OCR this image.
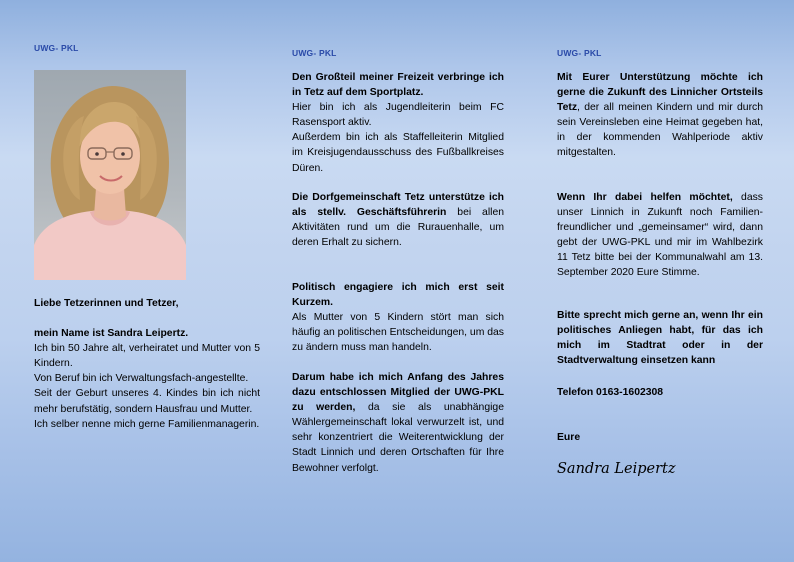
UWG- PKL

Liebe Tetzerinnen und Tetzer,

mein Name ist Sandra Leipertz.

Ich bin 50 Jahre alt, verheiratet und Mutter von 5 Kindern.

Von Beruf bin ich Verwaltungsfach-angestellte.

Seit der Geburt unseres 4. Kindes bin ich nicht mehr berufstätig, sondern Hausfrau und Mutter.

Ich selber nenne mich gerne Familienmanagerin.

UWG- PKL

Den Großteil meiner Freizeit verbringe ich in Tetz auf dem Sportplatz.

Hier bin ich als Jugendleiterin beim FC Rasensport aktiv.

Außerdem bin ich als Staffelleiterin Mitglied im Kreisjugendausschuss des Fußballkreises Düren.

Die Dorfgemeinschaft Tetz unterstütze ich als stellv. Geschäftsführerin bei allen Aktivitäten rund um die Rurauenhalle, um deren Erhalt zu sichern.

Politisch engagiere ich mich erst seit Kurzem.

Als Mutter von 5 Kindern stört man sich häufig an politischen Entscheidungen, um das zu ändern muss man handeln.

Darum habe ich mich Anfang des Jahres dazu entschlossen Mitglied der UWG-PKL zu werden, da sie als unabhängige Wählergemeinschaft lokal verwurzelt ist, und sehr konzentriert die Weiterentwicklung der Stadt Linnich und deren Ortschaften für Ihre Bewohner verfolgt.

UWG- PKL

Mit Eurer Unterstützung möchte ich gerne die Zukunft des Linnicher Ortsteils Tetz, der all meinen Kindern und mir durch sein Vereinsleben eine Heimat gegeben hat, in der kommenden Wahlperiode aktiv mitgestalten.

Wenn Ihr dabei helfen möchtet, dass unser Linnich in Zukunft noch Familien-freundlicher und „gemeinsamer“ wird, dann gebt der UWG-PKL und mir im Wahlbezirk 11 Tetz bitte bei der Kommunalwahl am 13. September 2020 Eure Stimme.

Bitte sprecht mich gerne an, wenn Ihr ein politisches Anliegen habt, für das ich mich im Stadtrat oder in der Stadtverwaltung einsetzen kann

Telefon 0163-1602308

Eure

Sandra Leipertz
